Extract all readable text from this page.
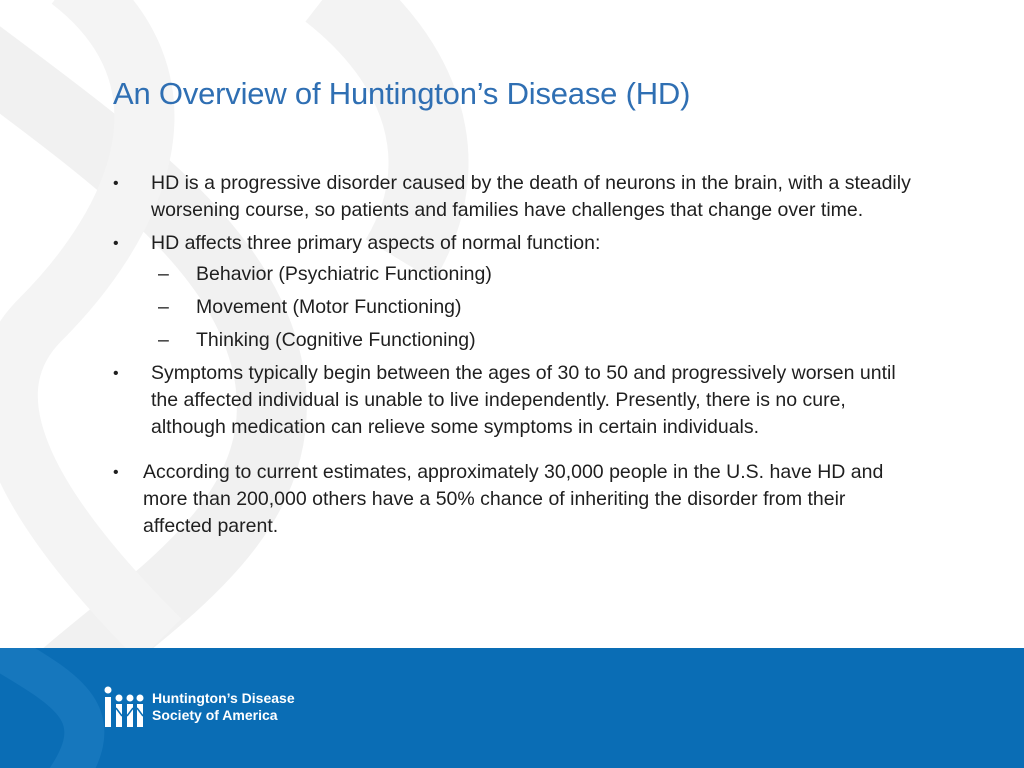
An Overview of Huntington’s Disease (HD)
•	HD is a progressive disorder caused by the death of neurons in the brain, with a steadily worsening course, so patients and families have challenges that change over time.
•	HD affects three primary aspects of normal function:
– Behavior (Psychiatric Functioning)
– Movement (Motor Functioning)
– Thinking (Cognitive Functioning)
•	Symptoms typically begin between the ages of 30 to 50 and progressively worsen until the affected individual is unable to live independently. Presently, there is no cure, although medication can relieve some symptoms in certain individuals.
•	According to current estimates, approximately 30,000 people in the U.S. have HD and more than 200,000 others have a 50% chance of inheriting the disorder from their affected parent.
Huntington’s Disease
Society of America
